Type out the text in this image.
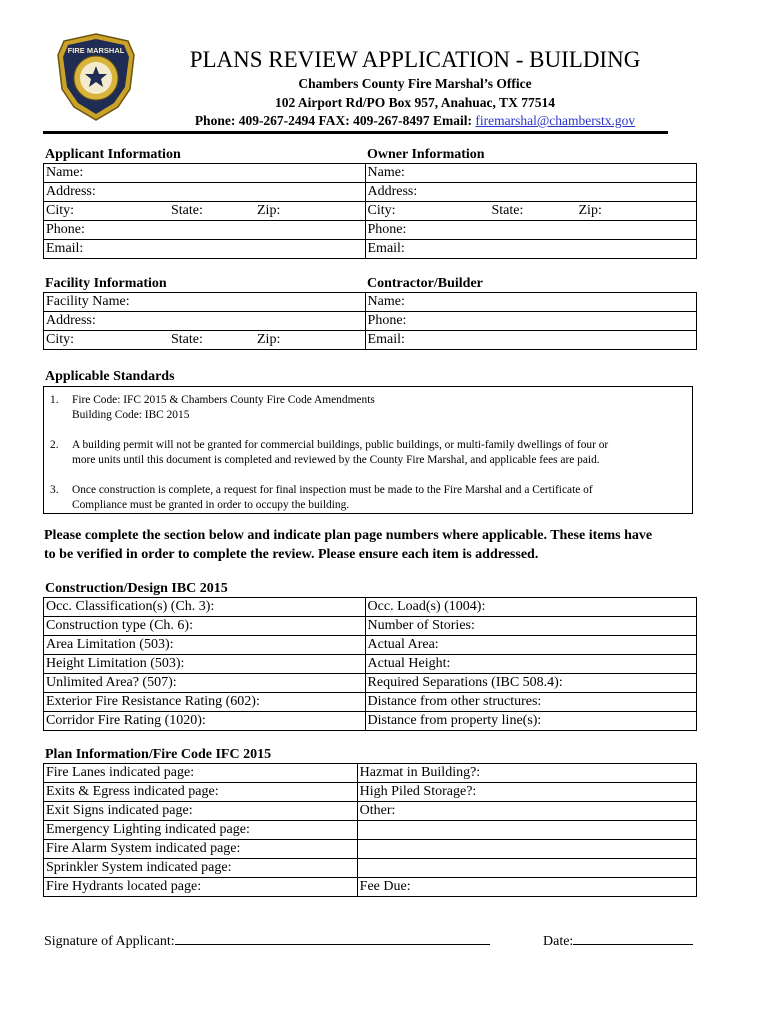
FIRE MARSHAL	PLANS REVIEW APPLICATION - BUILDING
Chambers County Fire Marshal’s Office
102 Airport Rd/PO Box 957, Anahuac, TX 77514
Phone: 409-267-2494 FAX: 409-267-8497 Email: firemarshal@chamberstx.gov
Applicant Information	Owner Information
Name:	Name:
Address:	Address:

City: State: Zip:	City: State: Zip:

Phone:	Phone:
Email:	Email:
Facility Information	Contractor/Builder
Facility Name:	Name:
Address:	Phone:

City: State: Zip:	Email:
Applicable Standards
1. Fire Code: IFC 2015 & Chambers County Fire Code Amendments
Building Code: IBC 2015
2. A building permit will not be granted for commercial buildings, public buildings, or multi-family dwellings of four or
more units until this document is completed and reviewed by the County Fire Marshal, and applicable fees are paid.
3. Once construction is complete, a request for final inspection must be made to the Fire Marshal and a Certificate of
Compliance must be granted in order to occupy the building.
Please complete the section below and indicate plan page numbers where applicable. These items have
to be verified in order to complete the review. Please ensure each item is addressed.
Construction/Design IBC 2015
Occ. Classification(s) (Ch. 3):	Occ. Load(s) (1004):
Construction type (Ch. 6):	Number of Stories:
Area Limitation (503):	Actual Area:
Height Limitation (503):	Actual Height:
Unlimited Area? (507):	Required Separations (IBC 508.4):
Exterior Fire Resistance Rating (602):	Distance from other structures:
Corridor Fire Rating (1020):	Distance from property line(s):
Plan Information/Fire Code IFC 2015
Fire Lanes indicated page:	Hazmat in Building?:
Exits & Egress indicated page:	High Piled Storage?:
Exit Signs indicated page:	Other:
Emergency Lighting indicated page:	
Fire Alarm System indicated page:	
Sprinkler System indicated page:	
Fire Hydrants located page:	Fee Due:
Signature of Applicant:	Date:
